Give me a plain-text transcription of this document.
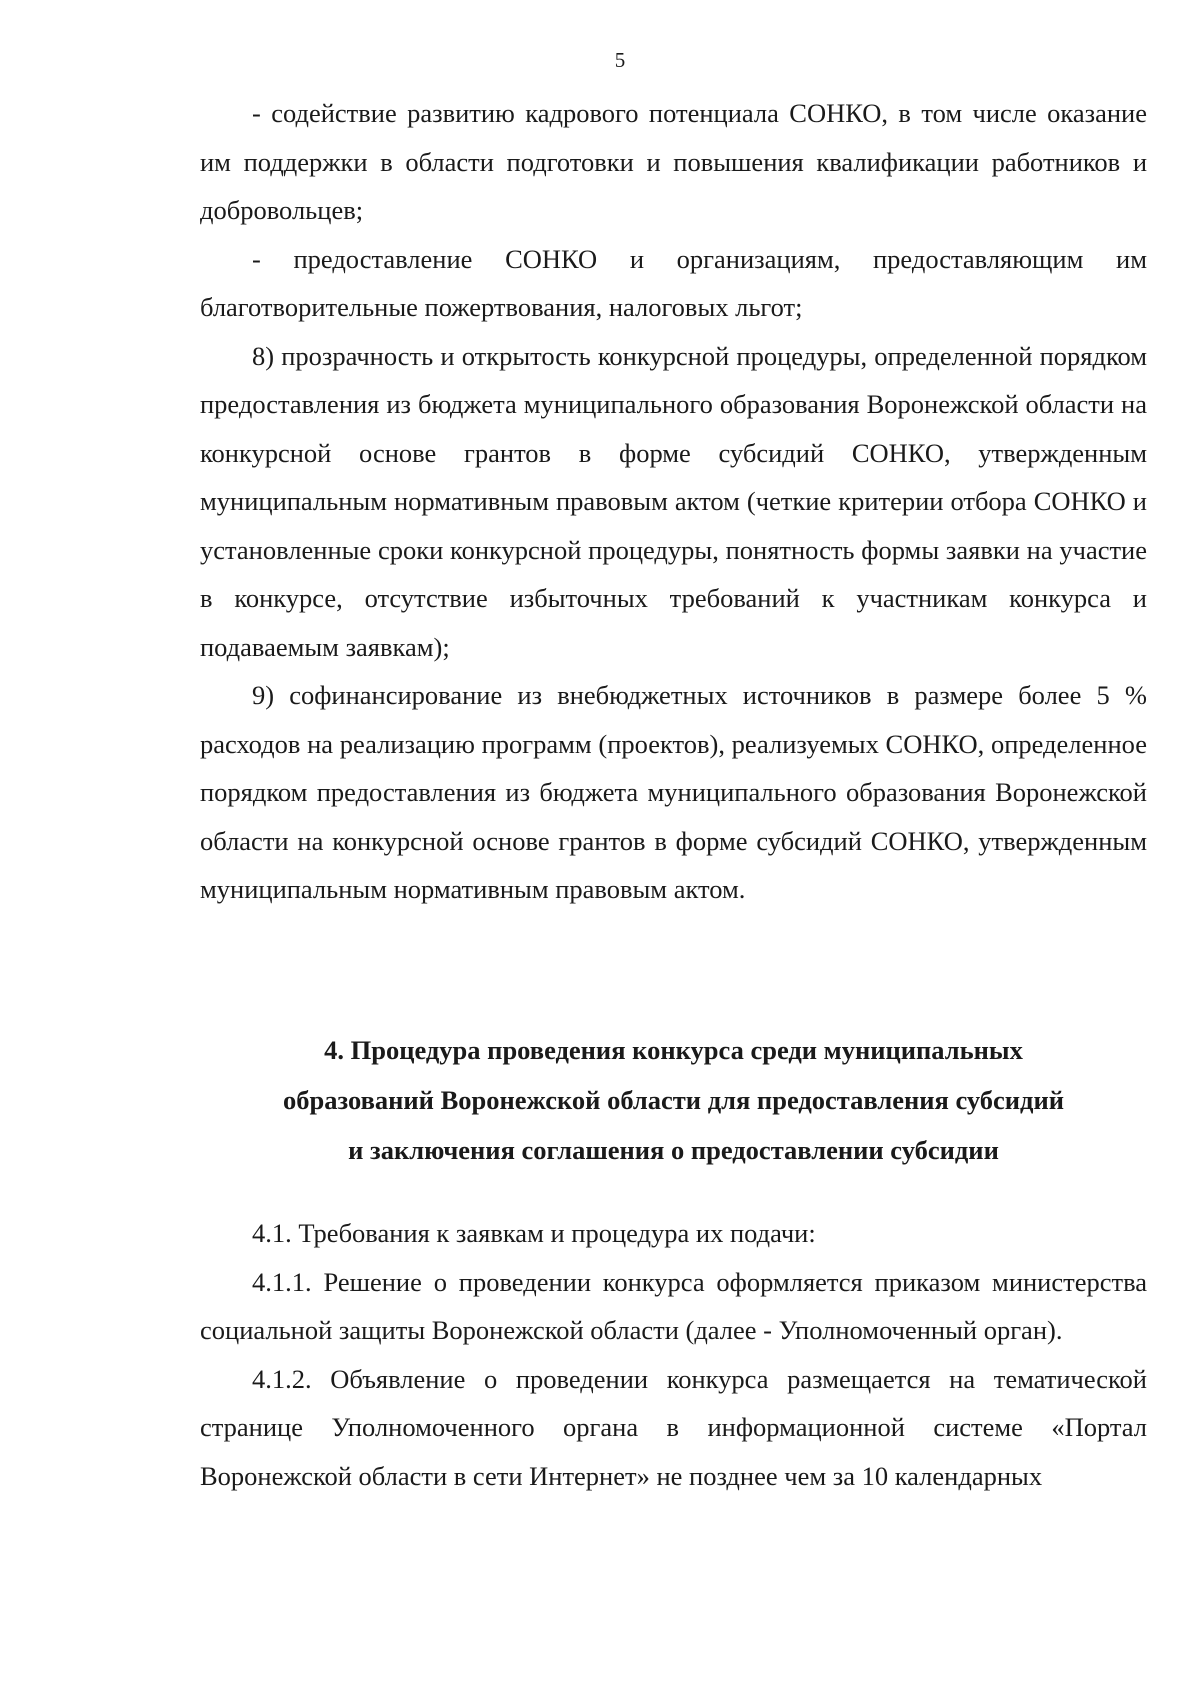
5

- содействие развитию кадрового потенциала СОНКО, в том числе оказание им поддержки в области подготовки и повышения квалификации работников и добровольцев;

- предоставление СОНКО и организациям, предоставляющим им благотворительные пожертвования, налоговых льгот;

8) прозрачность и открытость конкурсной процедуры, определенной порядком предоставления из бюджета муниципального образования Воронежской области на конкурсной основе грантов в форме субсидий СОНКО, утвержденным муниципальным нормативным правовым актом (четкие критерии отбора СОНКО и установленные сроки конкурсной процедуры, понятность формы заявки на участие в конкурсе, отсутствие избыточных требований к участникам конкурса и подаваемым заявкам);

9) софинансирование из внебюджетных источников в размере более 5 % расходов на реализацию программ (проектов), реализуемых СОНКО, определенное порядком предоставления из бюджета муниципального образования Воронежской области на конкурсной основе грантов в форме субсидий СОНКО, утвержденным муниципальным нормативным правовым актом.

4. Процедура проведения конкурса среди муниципальных
образований Воронежской области для предоставления субсидий
и заключения соглашения о предоставлении субсидии

4.1. Требования к заявкам и процедура их подачи:

4.1.1. Решение о проведении конкурса оформляется приказом министерства социальной защиты Воронежской области (далее - Уполномоченный орган).

4.1.2. Объявление о проведении конкурса размещается на тематической странице Уполномоченного органа в информационной системе «Портал Воронежской области в сети Интернет» не позднее чем за 10 календарных
